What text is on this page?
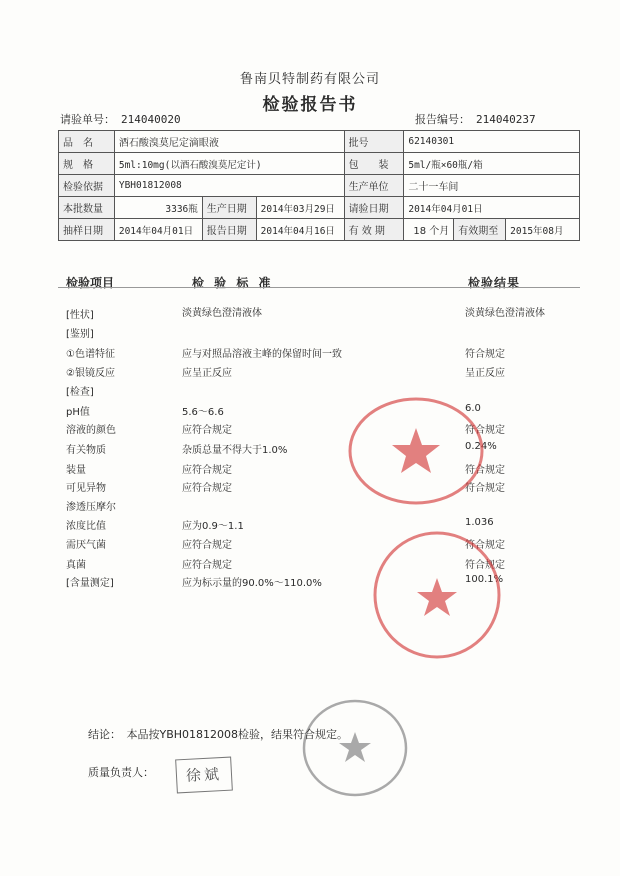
鲁南贝特制药有限公司
检验报告书
请验单号： 214040020	报告编号： 214040237
品　名	酒石酸溴莫尼定滴眼液			批号	62140301		
规　格	5ml:10mg(以酒石酸溴莫尼定计)			包　　装	5ml/瓶×60瓶/箱		
检验依据	YBH01812008			生产单位	二十一车间		
本批数量	3336瓶	生产日期	2014年03月29日	请验日期	2014年04月01日		
抽样日期	2014年04月01日	报告日期	2014年04月16日	有 效 期	18 个月	有效期至	2015年08月
检验项目	检 验 标 准	检验结果
[性状]	淡黄绿色澄清液体	淡黄绿色澄清液体
[鉴别]
①色谱特征	应与对照品溶液主峰的保留时间一致	符合规定
②银镜反应	应呈正反应	呈正反应
[检查]
pH值	5.6～6.6	6.0
溶液的颜色	应符合规定	符合规定
有关物质	杂质总量不得大于1.0%	0.24%
装量	应符合规定	符合规定
可见异物	应符合规定	符合规定
渗透压摩尔
浓度比值	应为0.9～1.1	1.036
需厌气菌	应符合规定	符合规定
真菌	应符合规定	符合规定
[含量测定]	应为标示量的90.0%～110.0%	100.1%
结论：　本品按YBH01812008检验，结果符合规定。
质量负责人：	徐斌
